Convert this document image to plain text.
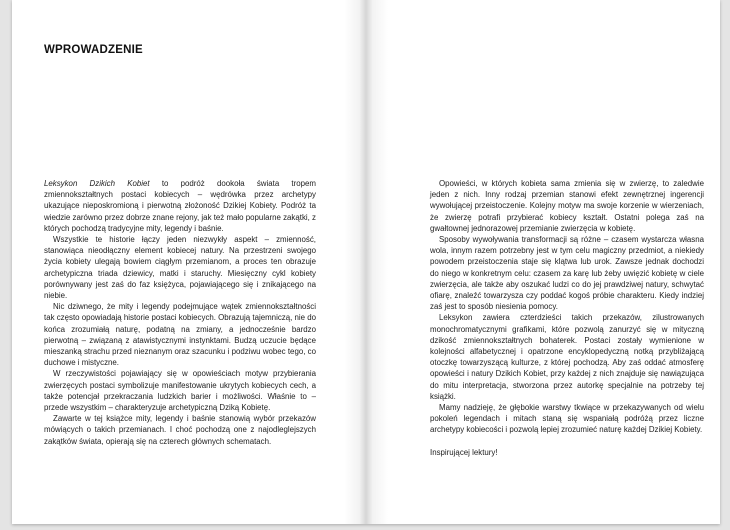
WPROWADZENIE

Leksykon Dzikich Kobiet to podróż dookoła świata tropem zmiennokształtnych postaci kobiecych – wędrówka przez archetypy ukazujące nieposkromioną i pierwotną złożoność Dzikiej Kobiety. Podróż ta wiedzie zarówno przez dobrze znane rejony, jak też mało popularne zakątki, z których pochodzą tradycyjne mity, legendy i baśnie.

Wszystkie te historie łączy jeden niezwykły aspekt – zmienność, stanowiąca nieodłączny element kobiecej natury. Na przestrzeni swojego życia kobiety ulegają bowiem ciągłym przemianom, a proces ten obrazuje archetypiczna triada dziewicy, matki i staruchy. Miesięczny cykl kobiety porównywany jest zaś do faz księżyca, pojawiającego się i znikającego na niebie.

Nic dziwnego, że mity i legendy podejmujące wątek zmiennokształtności tak często opowiadają historie postaci kobiecych. Obrazują tajemniczą, nie do końca zrozumiałą naturę, podatną na zmiany, a jednocześnie bardzo pierwotną – związaną z atawistycznymi instynktami. Budzą uczucie będące mieszanką strachu przed nieznanym oraz szacunku i podziwu wobec tego, co duchowe i mistyczne.

W rzeczywistości pojawiający się w opowieściach motyw przybierania zwierzęcych postaci symbolizuje manifestowanie ukrytych kobiecych cech, a także potencjał przekraczania ludzkich barier i możliwości. Właśnie to – przede wszystkim – charakteryzuje archetypiczną Dziką Kobietę.

Zawarte w tej książce mity, legendy i baśnie stanowią wybór przekazów mówiących o takich przemianach. I choć pochodzą one z najodleglejszych zakątków świata, opierają się na czterech głównych schematach.

Opowieści, w których kobieta sama zmienia się w zwierzę, to zaledwie jeden z nich. Inny rodzaj przemian stanowi efekt zewnętrznej ingerencji wywołującej przeistoczenie. Kolejny motyw ma swoje korzenie w wierzeniach, że zwierzę potrafi przybierać kobiecy kształt. Ostatni polega zaś na gwałtownej jednorazowej przemianie zwierzęcia w kobietę.

Sposoby wywoływania transformacji są różne – czasem wystarcza własna wola, innym razem potrzebny jest w tym celu magiczny przedmiot, a niekiedy powodem przeistoczenia staje się klątwa lub urok. Zawsze jednak dochodzi do niego w konkretnym celu: czasem za karę lub żeby uwięzić kobietę w ciele zwierzęcia, ale także aby oszukać ludzi co do jej prawdziwej natury, schwytać ofiarę, znaleźć towarzysza czy poddać kogoś próbie charakteru. Kiedy indziej zaś jest to sposób niesienia pomocy.

Leksykon zawiera czterdzieści takich przekazów, zilustrowanych monochromatycznymi grafikami, które pozwolą zanurzyć się w mityczną dzikość zmiennokształtnych bohaterek. Postaci zostały wymienione w kolejności alfabetycznej i opatrzone encyklopedyczną notką przybliżającą otoczkę towarzyszącą kulturze, z której pochodzą. Aby zaś oddać atmosferę opowieści i natury Dzikich Kobiet, przy każdej z nich znajduje się nawiązująca do mitu interpretacja, stworzona przez autorkę specjalnie na potrzeby tej książki.

Mamy nadzieję, że głębokie warstwy tkwiące w przekazywanych od wielu pokoleń legendach i mitach staną się wspaniałą podróżą przez liczne archetypy kobiecości i pozwolą lepiej zrozumieć naturę każdej Dzikiej Kobiety.

Inspirującej lektury!
